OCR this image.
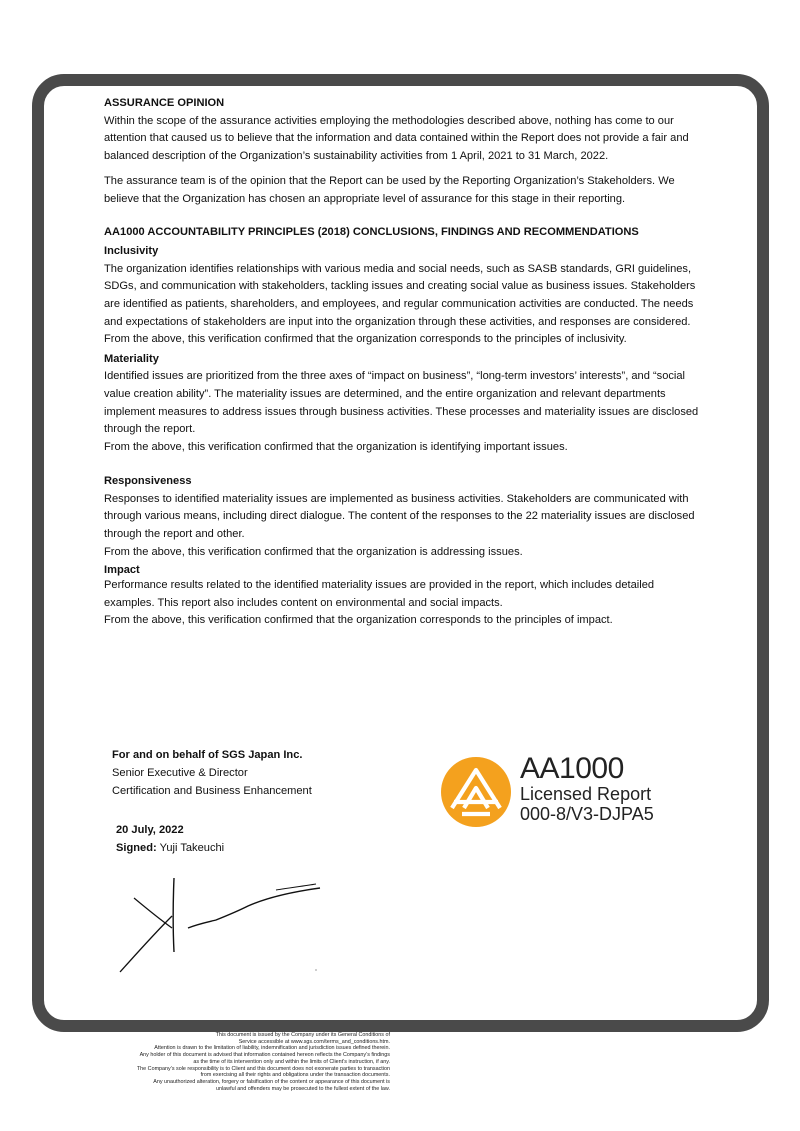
ASSURANCE OPINION

Within the scope of the assurance activities employing the methodologies described above, nothing has come to our attention that caused us to believe that the information and data contained within the Report does not provide a fair and balanced description of the Organization’s sustainability activities from 1 April, 2021 to 31 March, 2022.

The assurance team is of the opinion that the Report can be used by the Reporting Organization’s Stakeholders. We believe that the Organization has chosen an appropriate level of assurance for this stage in their reporting.

AA1000 ACCOUNTABILITY PRINCIPLES (2018) CONCLUSIONS, FINDINGS AND RECOMMENDATIONS

Inclusivity

The organization identifies relationships with various media and social needs, such as SASB standards, GRI guidelines, SDGs, and communication with stakeholders, tackling issues and creating social value as business issues. Stakeholders are identified as patients, shareholders, and employees, and regular communication activities are conducted. The needs and expectations of stakeholders are input into the organization through these activities, and responses are considered.

From the above, this verification confirmed that the organization corresponds to the principles of inclusivity.

Materiality

Identified issues are prioritized from the three axes of “impact on business”, “long-term investors’ interests”, and “social value creation ability”. The materiality issues are determined, and the entire organization and relevant departments implement measures to address issues through business activities. These processes and materiality issues are disclosed through the report.

From the above, this verification confirmed that the organization is identifying important issues.

Responsiveness

Responses to identified materiality issues are implemented as business activities. Stakeholders are communicated with through various means, including direct dialogue. The content of the responses to the 22 materiality issues are disclosed through the report and other.

From the above, this verification confirmed that the organization is addressing issues.

Impact

Performance results related to the identified materiality issues are provided in the report, which includes detailed examples. This report also includes content on environmental and social impacts.

From the above, this verification confirmed that the organization corresponds to the principles of impact.

For and on behalf of SGS Japan Inc.
Senior Executive & Director
Certification and Business Enhancement
20 July, 2022
Signed: Yuji Takeuchi
AA1000
Licensed Report
000-8/V3-DJPA5

This document is issued by the Company under its General Conditions of

Service accessible at www.sgs.com/terms_and_conditions.htm.

Attention is drawn to the limitation of liability, indemnification and jurisdiction issues defined therein.

Any holder of this document is advised that information contained hereon reflects the Company’s findings

as the time of its intervention only and within the limits of Client’s instruction, if any.

The Company’s sole responsibility is to Client and this document does not exonerate parties to transaction

from exercising all their rights and obligations under the transaction documents.

Any unauthorized alteration, forgery or falsification of the content or appearance of this document is

unlawful and offenders may be prosecuted to the fullest extent of the law.
